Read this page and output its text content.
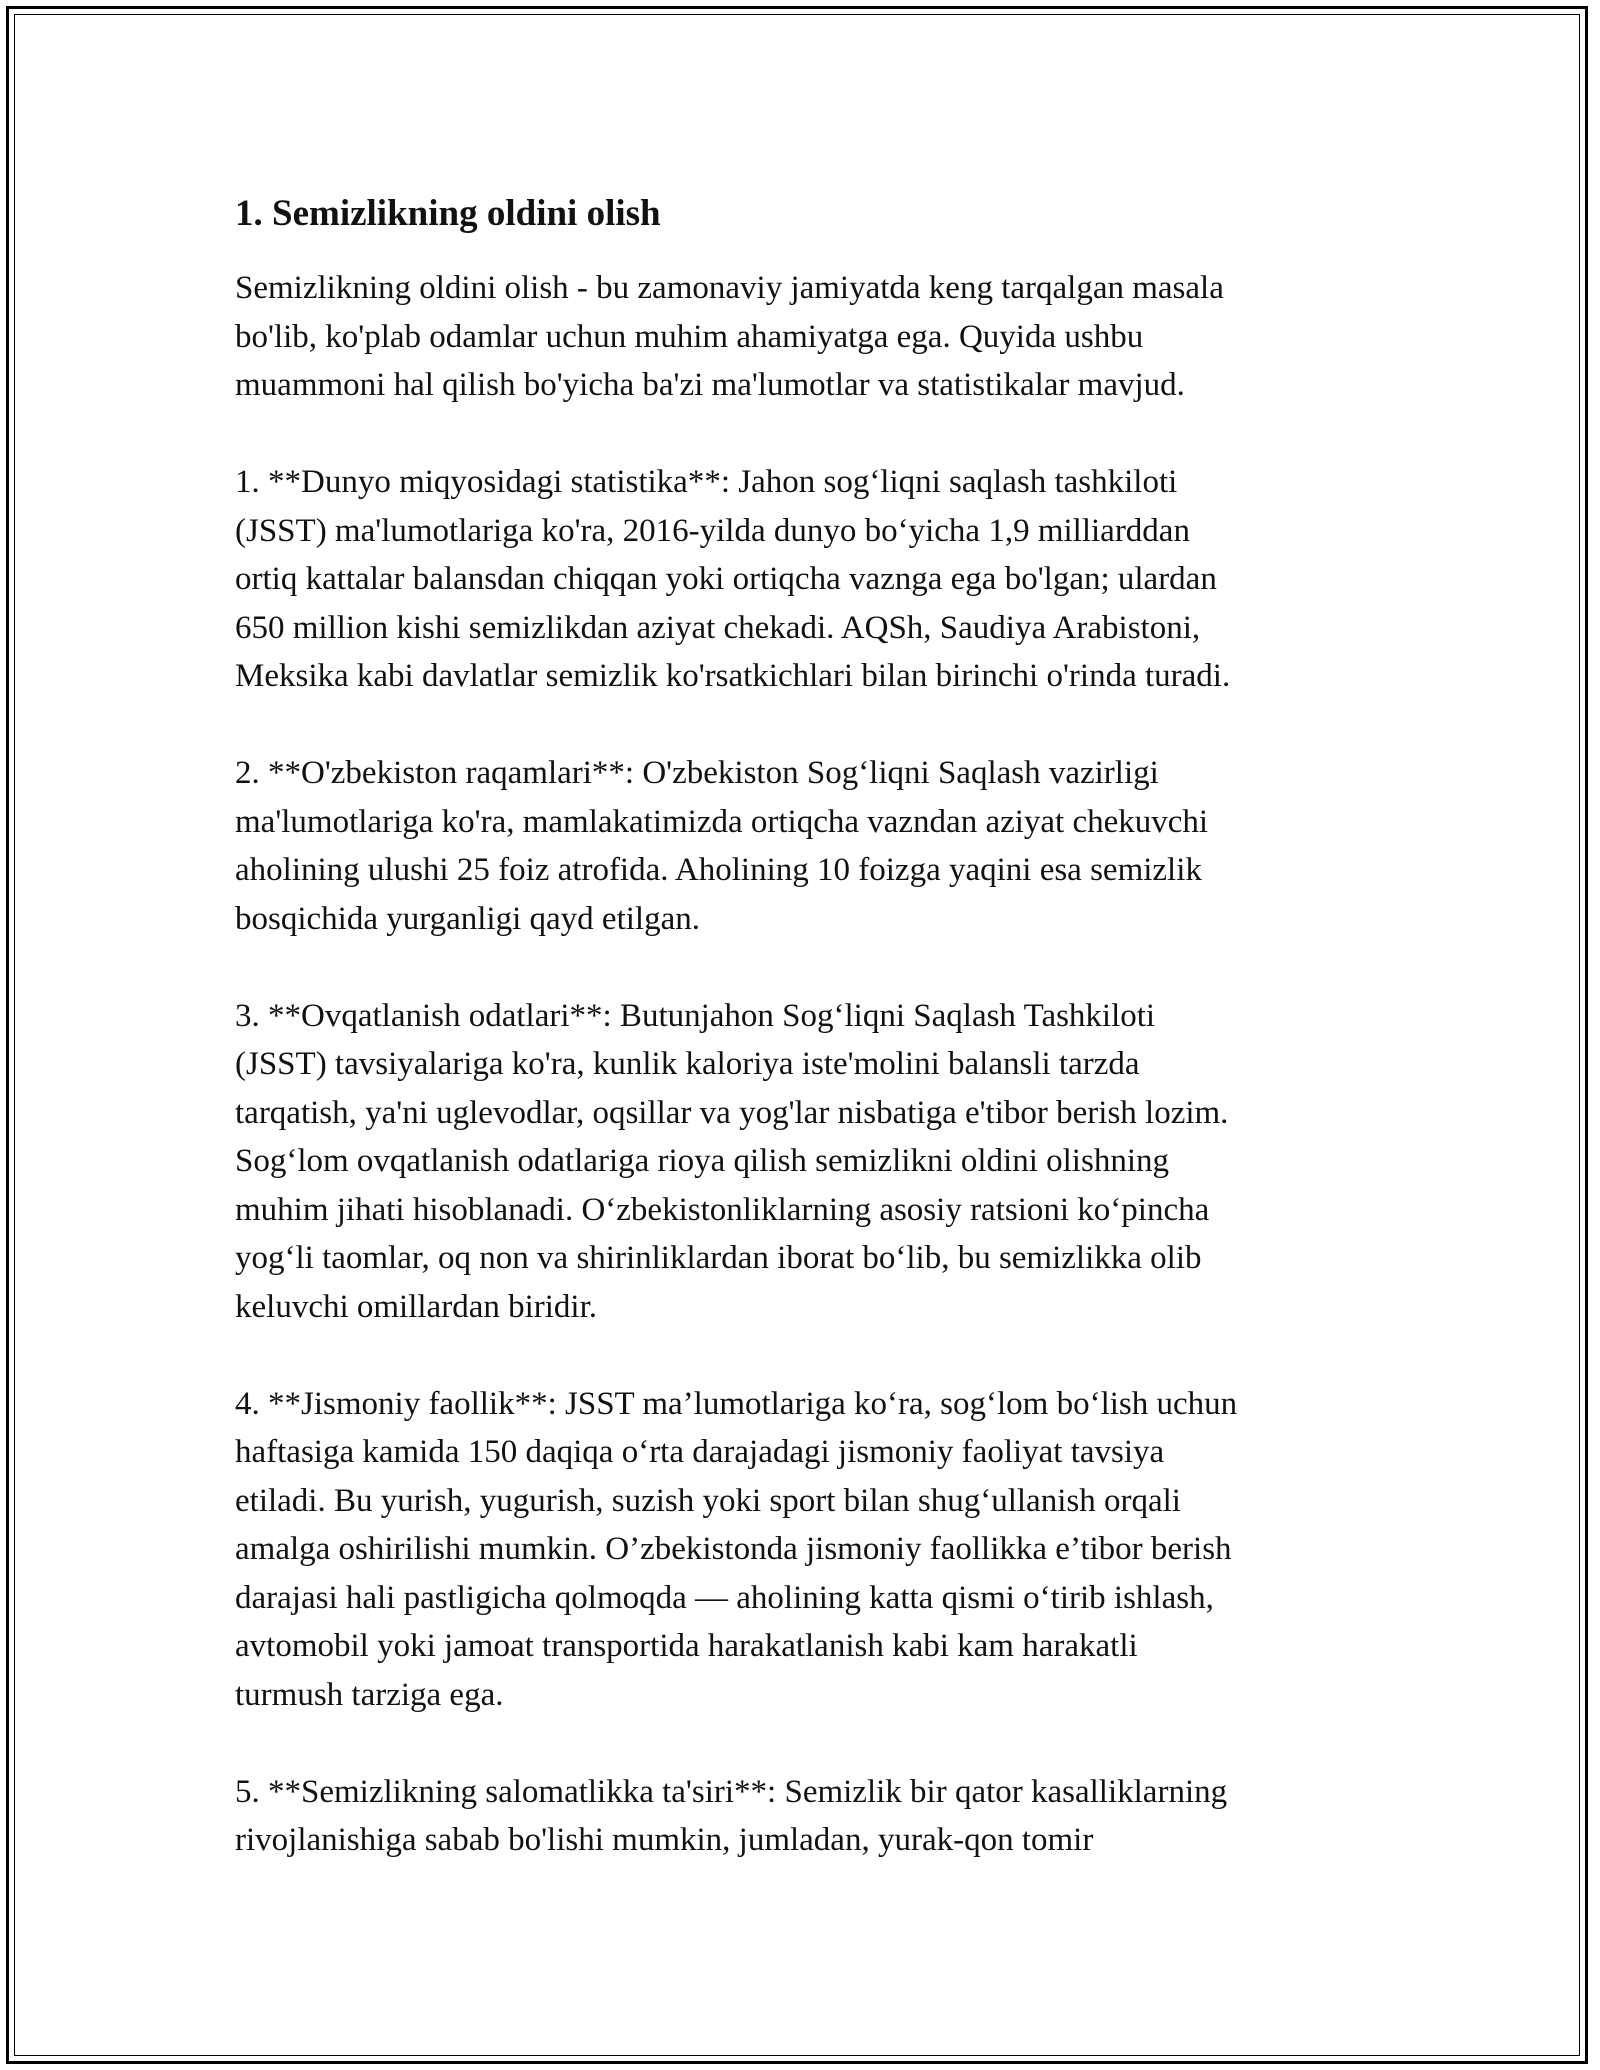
1. Semizlikning oldini olish

Semizlikning oldini olish - bu zamonaviy jamiyatda keng tarqalgan masala
bo'lib, ko'plab odamlar uchun muhim ahamiyatga ega. Quyida ushbu
muammoni hal qilish bo'yicha ba'zi ma'lumotlar va statistikalar mavjud.

1. **Dunyo miqyosidagi statistika**: Jahon sog‘liqni saqlash tashkiloti
(JSST) ma'lumotlariga ko'ra, 2016-yilda dunyo bo‘yicha 1,9 milliarddan
ortiq kattalar balansdan chiqqan yoki ortiqcha vaznga ega bo'lgan; ulardan
650 million kishi semizlikdan aziyat chekadi. AQSh, Saudiya Arabistoni,
Meksika kabi davlatlar semizlik ko'rsatkichlari bilan birinchi o'rinda turadi.

2. **O'zbekiston raqamlari**: O'zbekiston Sog‘liqni Saqlash vazirligi
ma'lumotlariga ko'ra, mamlakatimizda ortiqcha vazndan aziyat chekuvchi
aholining ulushi 25 foiz atrofida. Aholining 10 foizga yaqini esa semizlik
bosqichida yurganligi qayd etilgan.

3. **Ovqatlanish odatlari**: Butunjahon Sog‘liqni Saqlash Tashkiloti
(JSST) tavsiyalariga ko'ra, kunlik kaloriya iste'molini balansli tarzda
tarqatish, ya'ni uglevodlar, oqsillar va yog'lar nisbatiga e'tibor berish lozim.
Sog‘lom ovqatlanish odatlariga rioya qilish semizlikni oldini olishning
muhim jihati hisoblanadi. O‘zbekistonliklarning asosiy ratsioni ko‘pincha
yog‘li taomlar, oq non va shirinliklardan iborat bo‘lib, bu semizlikka olib
keluvchi omillardan biridir.

4. **Jismoniy faollik**: JSST ma’lumotlariga ko‘ra, sog‘lom bo‘lish uchun
haftasiga kamida 150 daqiqa o‘rta darajadagi jismoniy faoliyat tavsiya
etiladi. Bu yurish, yugurish, suzish yoki sport bilan shug‘ullanish orqali
amalga oshirilishi mumkin. O’zbekistonda jismoniy faollikka e’tibor berish
darajasi hali pastligicha qolmoqda — aholining katta qismi o‘tirib ishlash,
avtomobil yoki jamoat transportida harakatlanish kabi kam harakatli
turmush tarziga ega.

5. **Semizlikning salomatlikka ta'siri**: Semizlik bir qator kasalliklarning
rivojlanishiga sabab bo'lishi mumkin, jumladan, yurak-qon tomir
